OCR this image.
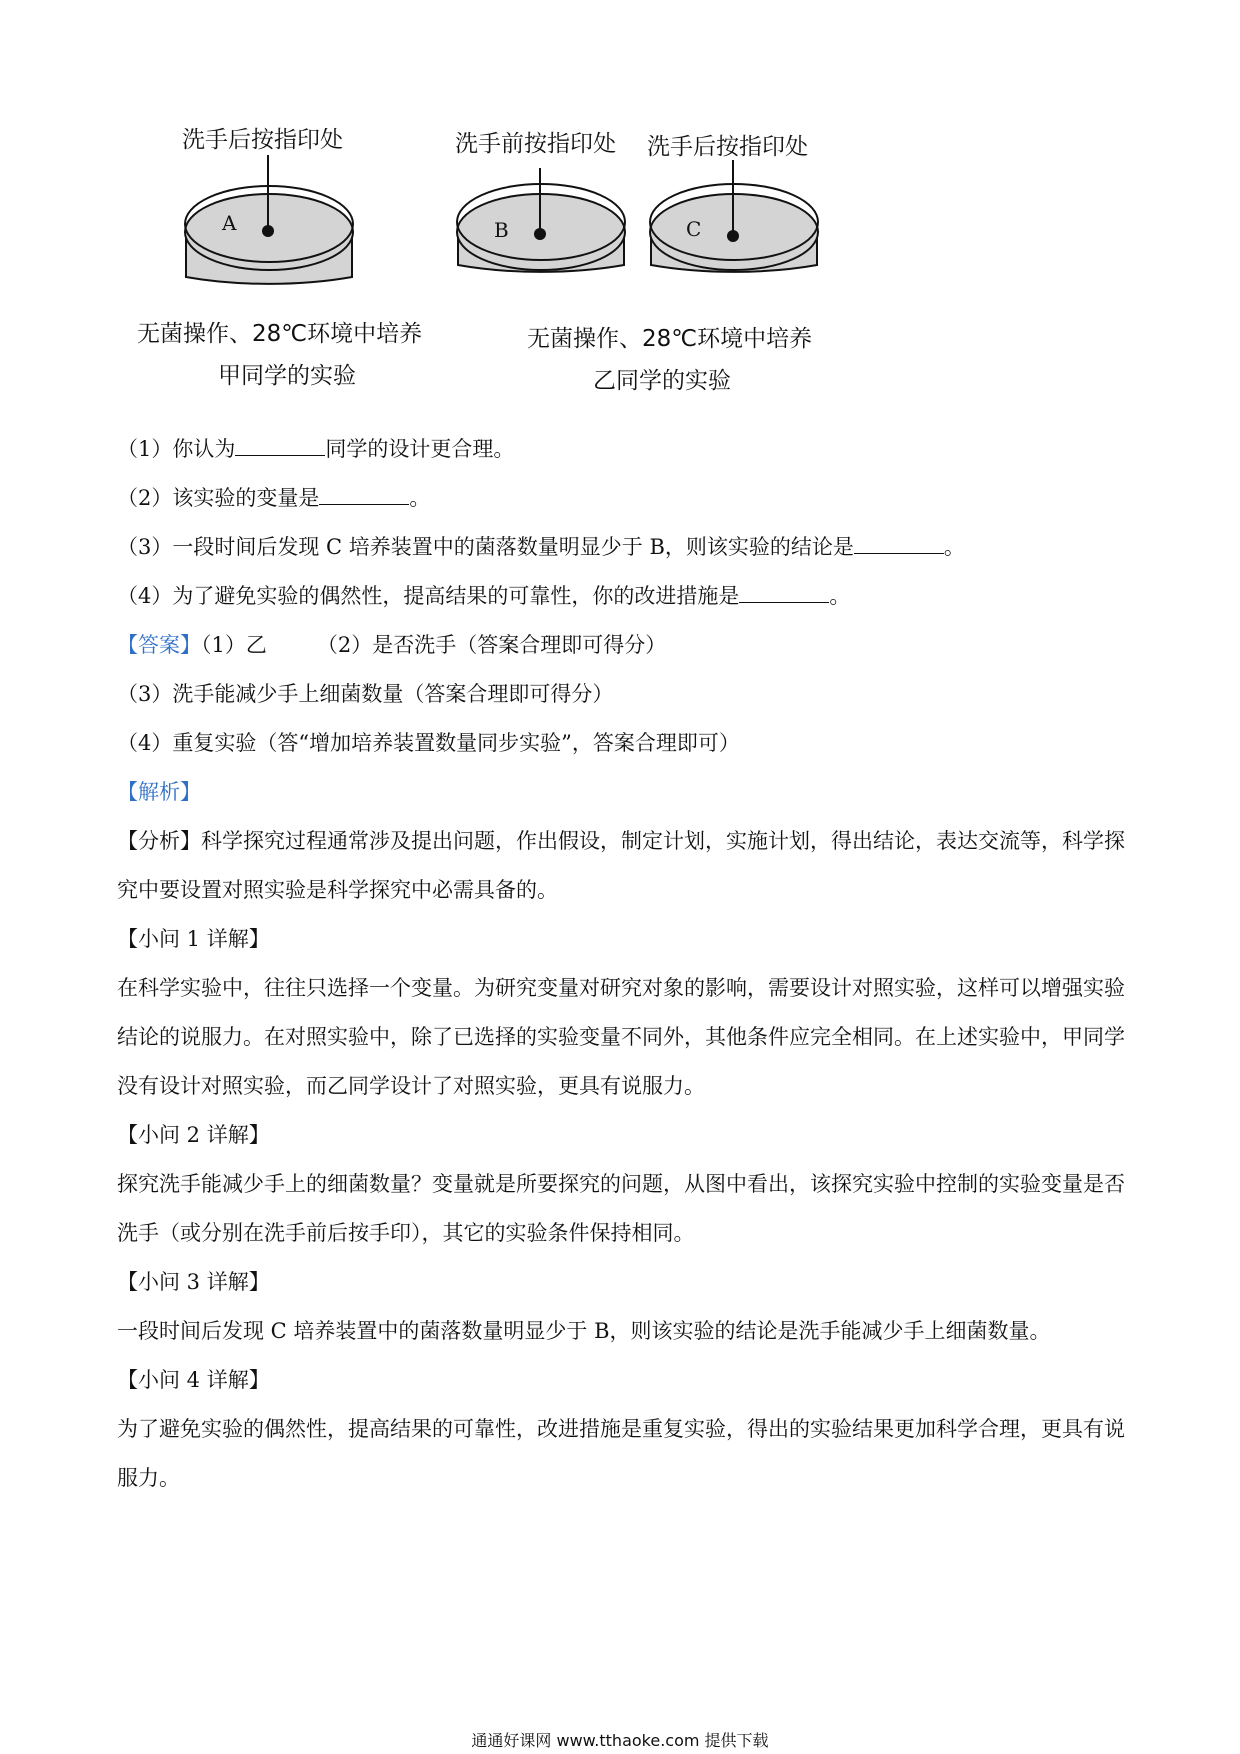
A	B	C
洗手后按指印处	洗手前按指印处 洗手后按指印处
无菌操作、28℃环境中培养
甲同学的实验
无菌操作、28℃环境中培养
乙同学的实验
（1）你认为	同学的设计更合理。
（2）该实验的变量是	。
（3）一段时间后发现 C 培养装置中的菌落数量明显少于 B，则该实验的结论是	。
（4）为了避免实验的偶然性，提高结果的可靠性，你的改进措施是	。
【答案】（1）乙 （2）是否洗手（答案合理即可得分）
（3）洗手能减少手上细菌数量（答案合理即可得分）
（4）重复实验（答“增加培养装置数量同步实验”，答案合理即可）
【解析】
【分析】科学探究过程通常涉及提出问题，作出假设，制定计划，实施计划，得出结论，表达交流等，科学探究中要设置对照实验是科学探究中必需具备的。
【小问 1 详解】
在科学实验中，往往只选择一个变量。为研究变量对研究对象的影响，需要设计对照实验，这样可以增强实验结论的说服力。在对照实验中，除了已选择的实验变量不同外，其他条件应完全相同。在上述实验中，甲同学没有设计对照实验，而乙同学设计了对照实验，更具有说服力。
【小问 2 详解】
探究洗手能减少手上的细菌数量？变量就是所要探究的问题，从图中看出，该探究实验中控制的实验变量是否洗手（或分别在洗手前后按手印），其它的实验条件保持相同。
【小问 3 详解】
一段时间后发现 C 培养装置中的菌落数量明显少于 B，则该实验的结论是洗手能减少手上细菌数量。
【小问 4 详解】
为了避免实验的偶然性，提高结果的可靠性，改进措施是重复实验，得出的实验结果更加科学合理，更具有说服力。
通通好课网 www.tthaoke.com 提供下载
